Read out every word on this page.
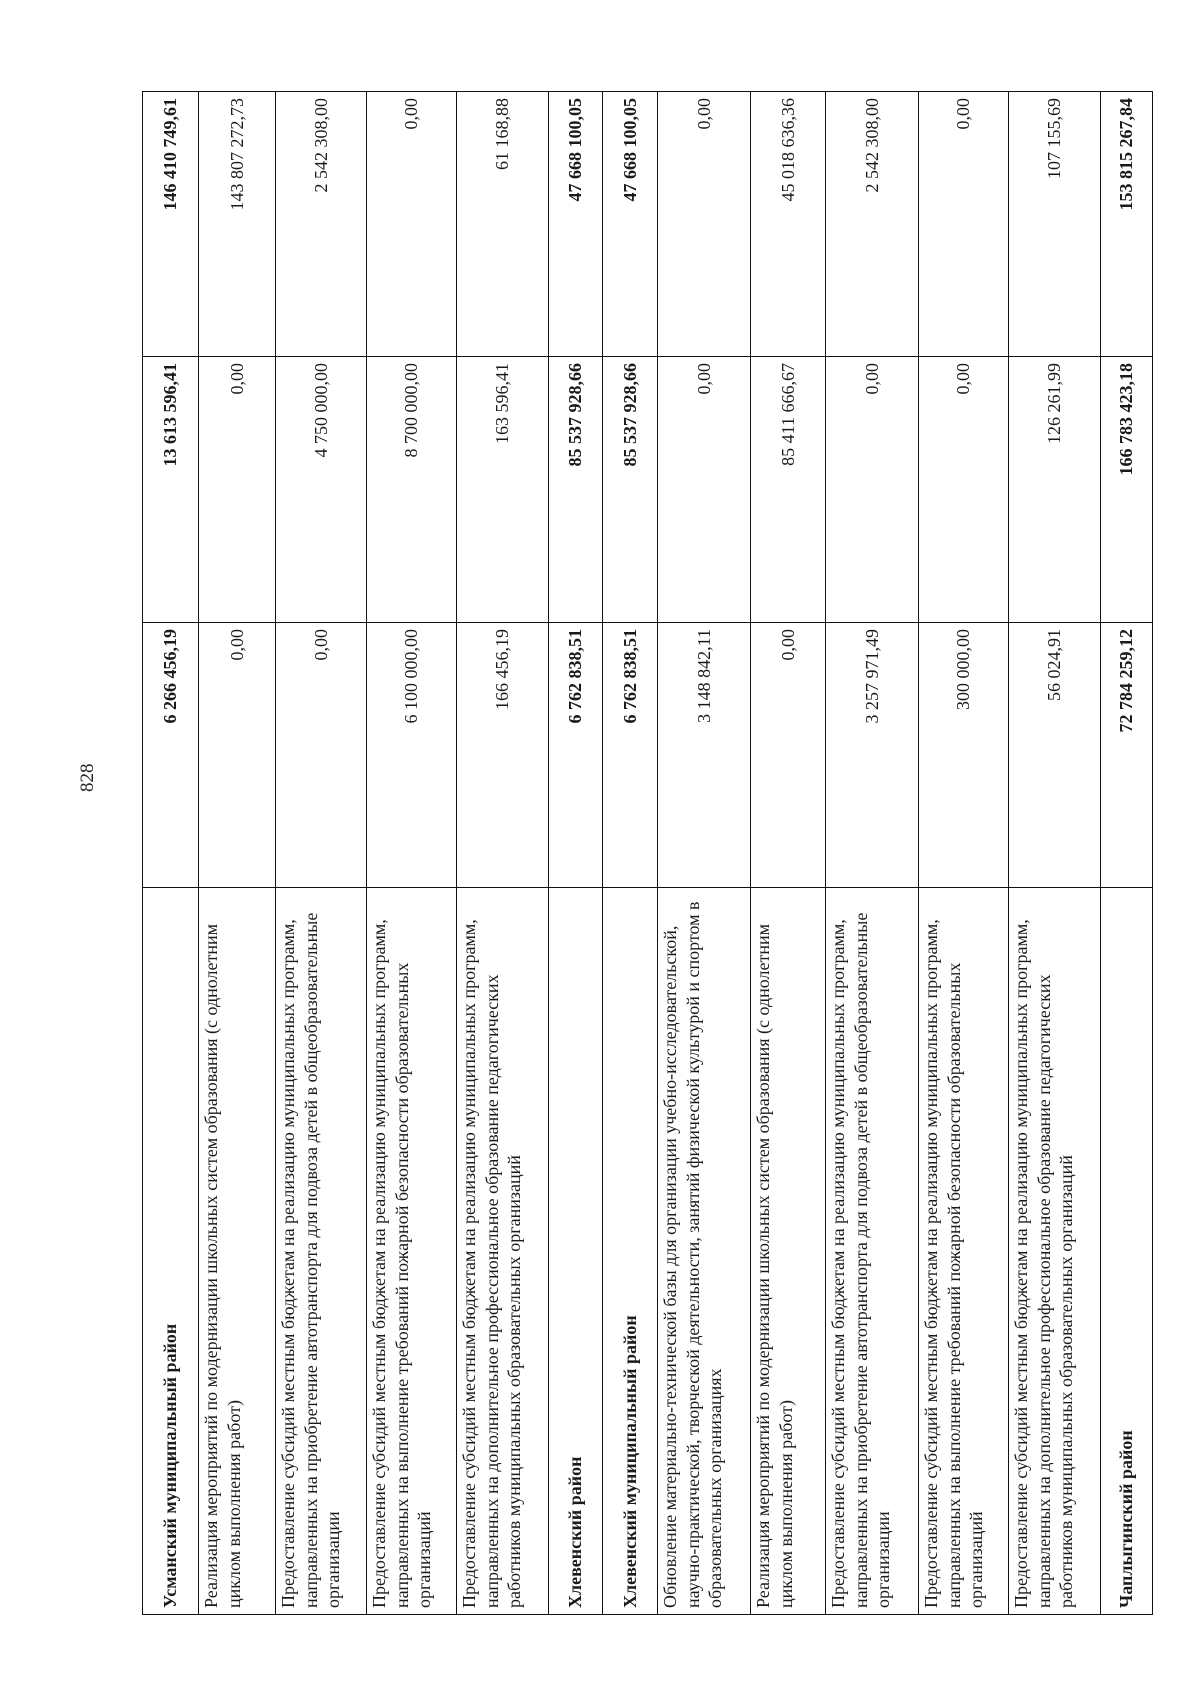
828
Усманский муниципальный район	6 266 456,19	13 613 596,41	146 410 749,61
Реализация мероприятий по модернизации школьных систем образования (с однолетним циклом выполнения работ)	0,00	0,00	143 807 272,73
Предоставление субсидий местным бюджетам на реализацию муниципальных программ, направленных на приобретение автотранспорта для подвоза детей в общеобразовательные организации	0,00	4 750 000,00	2 542 308,00
Предоставление субсидий местным бюджетам на реализацию муниципальных программ, направленных на выполнение требований пожарной безопасности образовательных организаций	6 100 000,00	8 700 000,00	0,00
Предоставление субсидий местным бюджетам на реализацию муниципальных программ, направленных на дополнительное профессиональное образование педагогических работников муниципальных образовательных организаций	166 456,19	163 596,41	61 168,88
Хлевенский район	6 762 838,51	85 537 928,66	47 668 100,05
Хлевенский муниципальный район	6 762 838,51	85 537 928,66	47 668 100,05
Обновление материально-технической базы для организации учебно-исследовательской, научно-практической, творческой деятельности, занятий физической культурой и спортом в образовательных организациях	3 148 842,11	0,00	0,00
Реализация мероприятий по модернизации школьных систем образования (с однолетним циклом выполнения работ)	0,00	85 411 666,67	45 018 636,36
Предоставление субсидий местным бюджетам на реализацию муниципальных программ, направленных на приобретение автотранспорта для подвоза детей в общеобразовательные организации	3 257 971,49	0,00	2 542 308,00
Предоставление субсидий местным бюджетам на реализацию муниципальных программ, направленных на выполнение требований пожарной безопасности образовательных организаций	300 000,00	0,00	0,00
Предоставление субсидий местным бюджетам на реализацию муниципальных программ, направленных на дополнительное профессиональное образование педагогических работников муниципальных образовательных организаций	56 024,91	126 261,99	107 155,69
Чаплыгинский район	72 784 259,12	166 783 423,18	153 815 267,84
